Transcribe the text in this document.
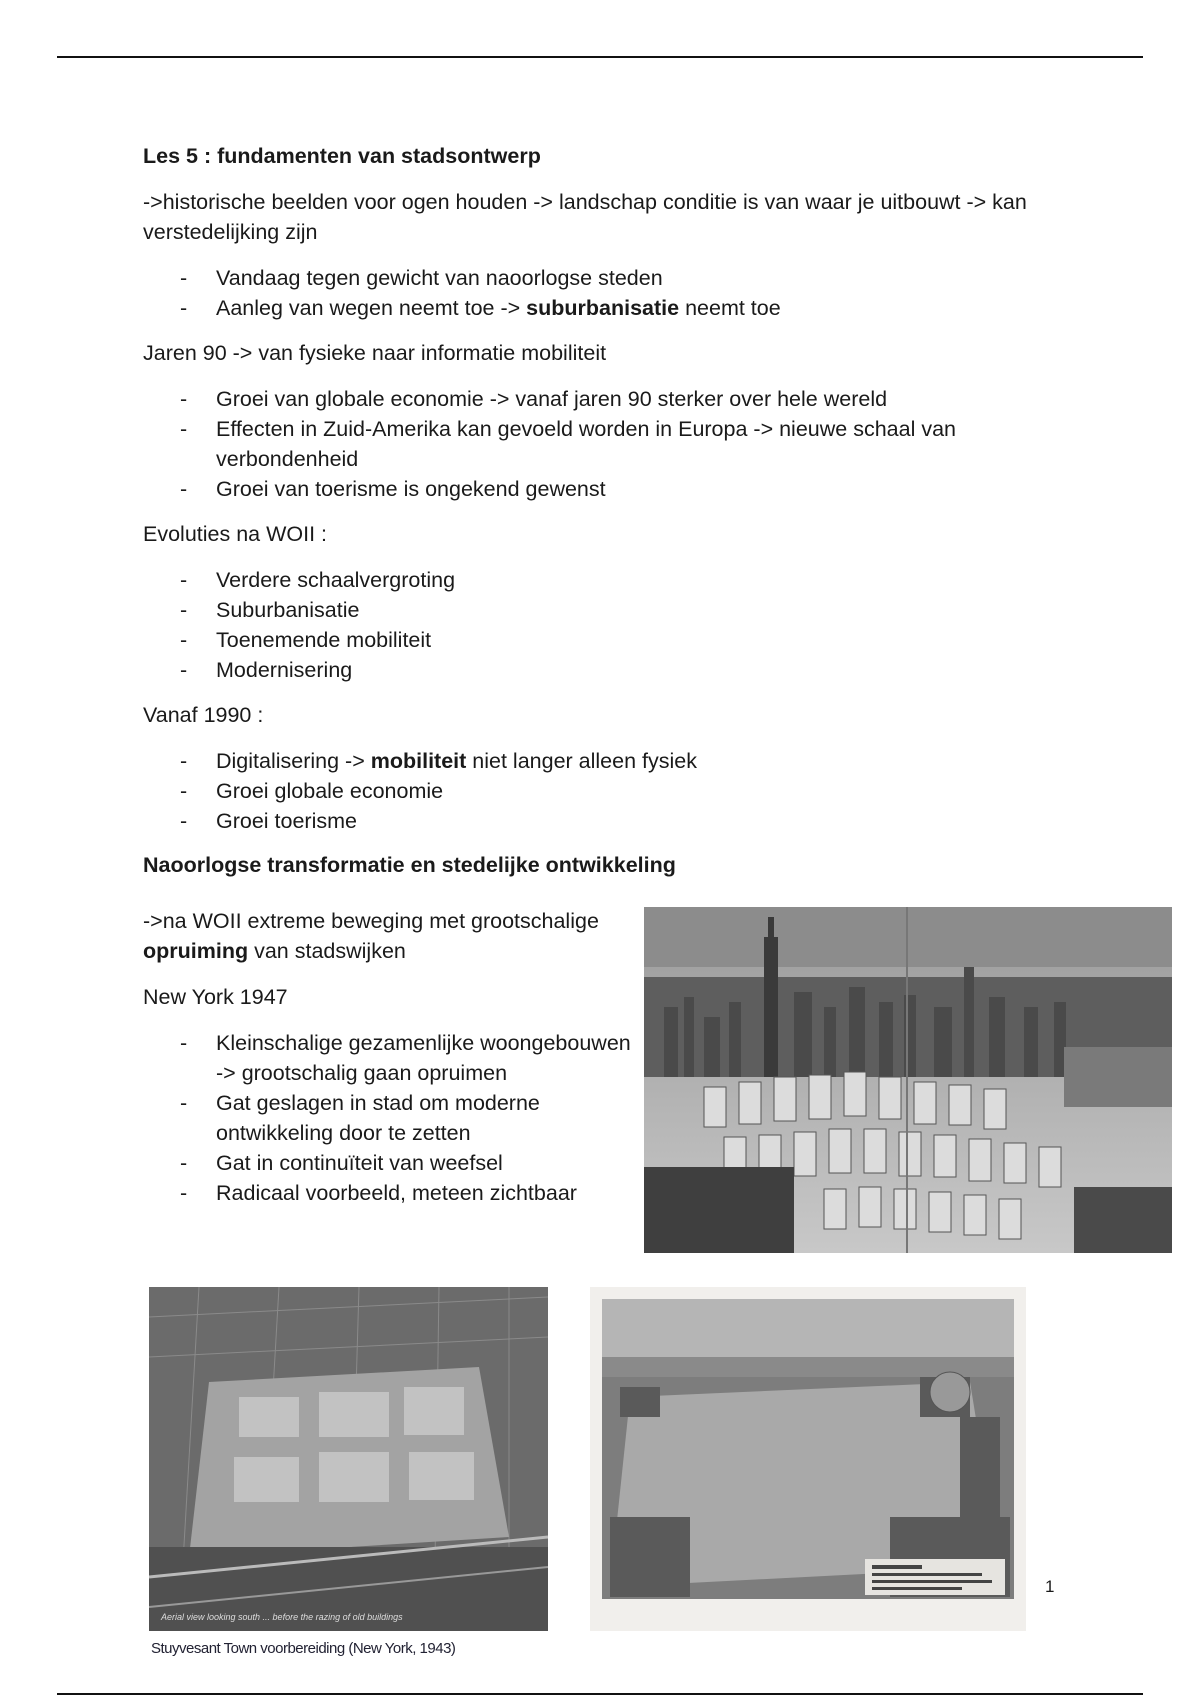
Les 5 : fundamenten van stadsontwerp

->historische beelden voor ogen houden -> landschap conditie is van waar je uitbouwt -> kan verstedelijking zijn

- Vandaag tegen gewicht van naoorlogse steden
- Aanleg van wegen neemt toe -> suburbanisatie neemt toe

Jaren 90 -> van fysieke naar informatie mobiliteit

- Groei van globale economie -> vanaf jaren 90 sterker over hele wereld
- Effecten in Zuid-Amerika kan gevoeld worden in Europa -> nieuwe schaal van verbondenheid
- Groei van toerisme is ongekend gewenst

Evoluties na WOII :

- Verdere schaalvergroting
- Suburbanisatie
- Toenemende mobiliteit
- Modernisering

Vanaf 1990 :

- Digitalisering -> mobiliteit niet langer alleen fysiek
- Groei globale economie
- Groei toerisme

Naoorlogse transformatie en stedelijke ontwikkeling

->na WOII extreme beweging met grootschalige opruiming van stadswijken

New York 1947

- Kleinschalige gezamenlijke woongebouwen -> grootschalig gaan opruimen
- Gat geslagen in stad om moderne ontwikkeling door te zetten
- Gat in continuïteit van weefsel
- Radicaal voorbeeld, meteen zichtbaar
Aerial view looking south ... before the razing of old buildings
Stuyvesant Town voorbereiding (New York, 1943)
1
